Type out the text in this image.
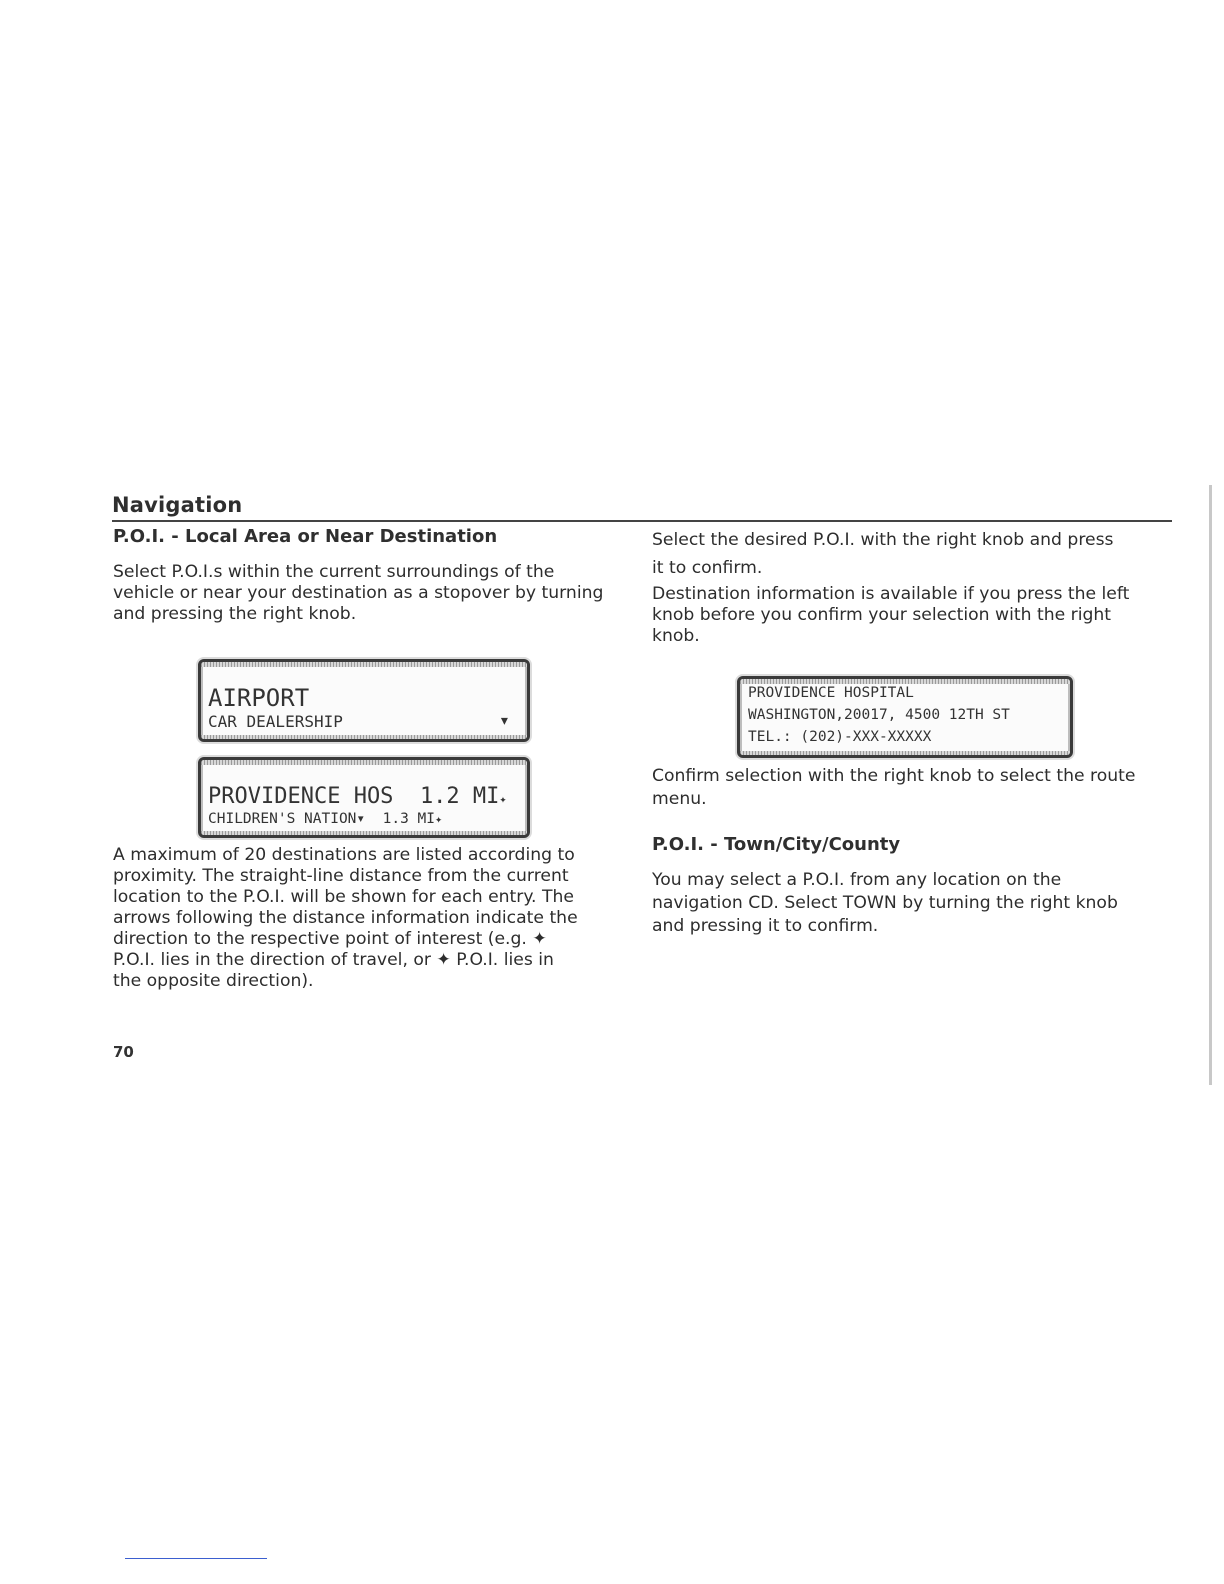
Navigation
P.O.I. - Local Area or Near Destination
Select P.O.I.s within the current surroundings of the
vehicle or near your destination as a stopover by turning
and pressing the right knob.
AIRPORT
CAR DEALERSHIP	▾
PROVIDENCE HOS 1.2 MI✦
CHILDREN'S NATION▾ 1.3 MI✦
A maximum of 20 destinations are listed according to
proximity. The straight-line distance from the current
location to the P.O.I. will be shown for each entry. The
arrows following the distance information indicate the
direction to the respective point of interest (e.g. ✦
P.O.I. lies in the direction of travel, or ✦ P.O.I. lies in
the opposite direction).
Select the desired P.O.I. with the right knob and press
it to confirm.
Destination information is available if you press the left
knob before you confirm your selection with the right
knob.
PROVIDENCE HOSPITAL
WASHINGTON,20017, 4500 12TH ST
TEL.: (202)-XXX-XXXXX
Confirm selection with the right knob to select the route
menu.
P.O.I. - Town/City/County
You may select a P.O.I. from any location on the
navigation CD. Select TOWN by turning the right knob
and pressing it to confirm.
70
